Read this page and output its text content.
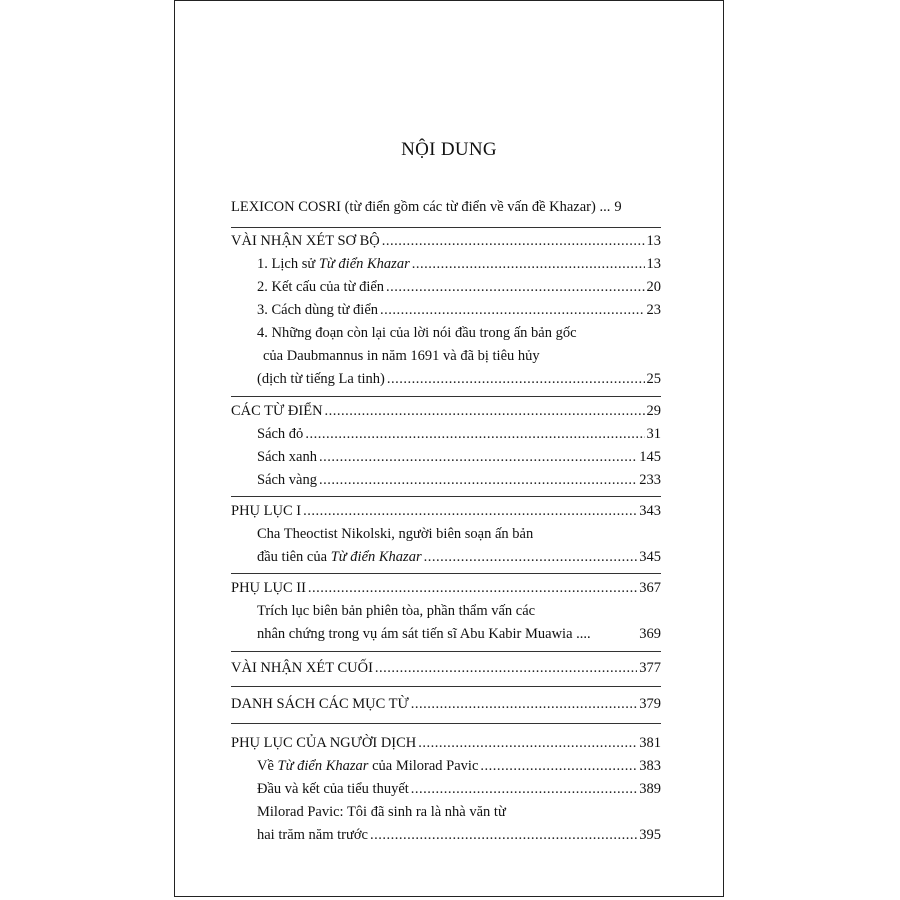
NỘI DUNG
LEXICON COSRI (từ điển gồm các từ điển về vấn đề Khazar) ... 9
VÀI NHẬN XÉT SƠ BỘ .....	13
1. Lịch sử Từ điển Khazar .....	13
2. Kết cấu của từ điển .....	20
3. Cách dùng từ điển .....	23
4. Những đoạn còn lại của lời nói đầu trong ấn bản gốc
của Daubmannus in năm 1691 và đã bị tiêu hủy
(dịch từ tiếng La tinh) .....	25
CÁC TỪ ĐIỂN .....	29
Sách đỏ .....	31
Sách xanh .....	145
Sách vàng .....	233
PHỤ LỤC I .....	343
Cha Theoctist Nikolski, người biên soạn ấn bản
đầu tiên của Từ điển Khazar .....	345
PHỤ LỤC II .....	367
Trích lục biên bản phiên tòa, phần thẩm vấn các
nhân chứng trong vụ ám sát tiến sĩ Abu Kabir Muawia ....	369
VÀI NHẬN XÉT CUỐI .....	377
DANH SÁCH CÁC MỤC TỪ .....	379
PHỤ LỤC CỦA NGƯỜI DỊCH .....	381
Về Từ điển Khazar của Milorad Pavic .....	383
Đầu và kết của tiểu thuyết .....	389
Milorad Pavic: Tôi đã sinh ra là nhà văn từ
hai trăm năm trước .....	395
